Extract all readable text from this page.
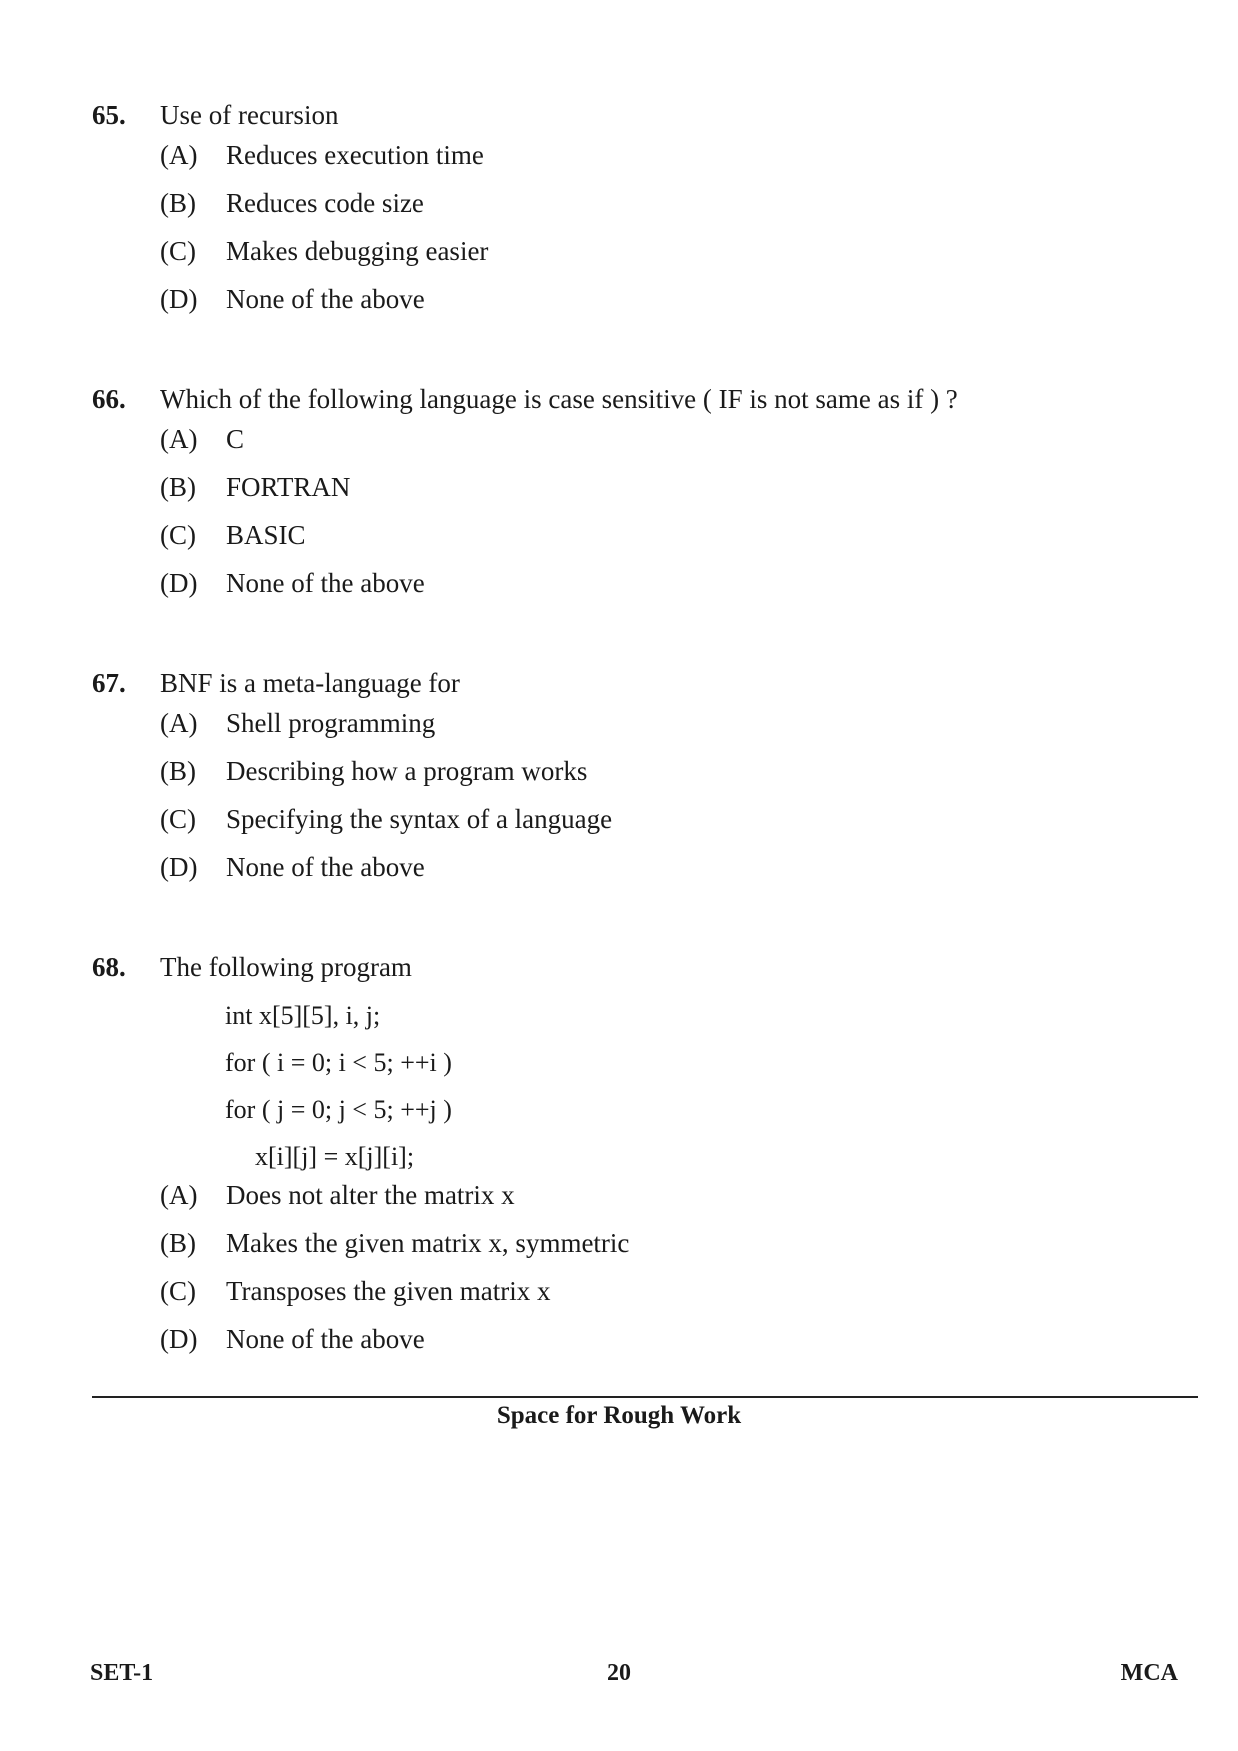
65.	Use of recursion
(A)	Reduces execution time
(B)	Reduces code size
(C)	Makes debugging easier
(D)	None of the above
66.	Which of the following language is case sensitive ( IF is not same as if ) ?
(A)	C
(B)	FORTRAN
(C)	BASIC
(D)	None of the above
67.	BNF is a meta-language for
(A)	Shell programming
(B)	Describing how a program works
(C)	Specifying the syntax of a language
(D)	None of the above
68.	The following program
int x[5][5], i, j;
for ( i = 0; i < 5; ++i )
for ( j = 0; j < 5; ++j )
x[i][j] = x[j][i];
(A)	Does not alter the matrix x
(B)	Makes the given matrix x, symmetric
(C)	Transposes the given matrix x
(D)	None of the above
Space for Rough Work
SET-1	20	MCA
